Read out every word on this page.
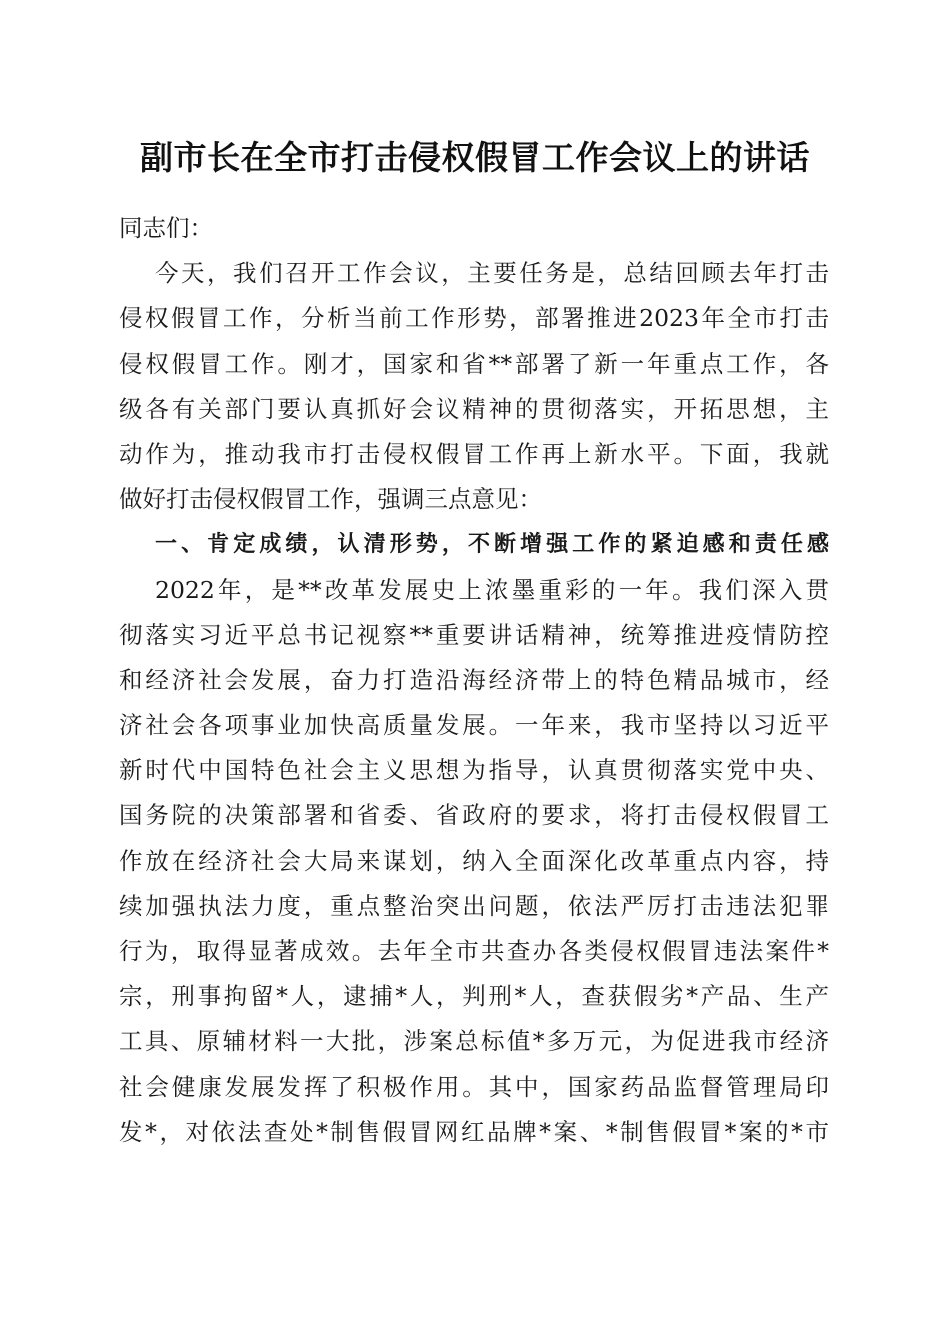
副市长在全市打击侵权假冒工作会议上的讲话
同志们：
今天，我们召开工作会议，主要任务是，总结回顾去年打击
侵权假冒工作，分析当前工作形势，部署推进2023年全市打击
侵权假冒工作。刚才，国家和省**部署了新一年重点工作，各
级各有关部门要认真抓好会议精神的贯彻落实，开拓思想，主
动作为，推动我市打击侵权假冒工作再上新水平。下面，我就
做好打击侵权假冒工作，强调三点意见：
一、肯定成绩，认清形势，不断增强工作的紧迫感和责任感
2022年，是**改革发展史上浓墨重彩的一年。我们深入贯
彻落实习近平总书记视察**重要讲话精神，统筹推进疫情防控
和经济社会发展，奋力打造沿海经济带上的特色精品城市，经
济社会各项事业加快高质量发展。一年来，我市坚持以习近平
新时代中国特色社会主义思想为指导，认真贯彻落实党中央、
国务院的决策部署和省委、省政府的要求，将打击侵权假冒工
作放在经济社会大局来谋划，纳入全面深化改革重点内容，持
续加强执法力度，重点整治突出问题，依法严厉打击违法犯罪
行为，取得显著成效。去年全市共查办各类侵权假冒违法案件*
宗，刑事拘留*人，逮捕*人，判刑*人，查获假劣*产品、生产
工具、原辅材料一大批，涉案总标值*多万元，为促进我市经济
社会健康发展发挥了积极作用。其中，国家药品监督管理局印
发*，对依法查处*制售假冒网红品牌*案、*制售假冒*案的*市
